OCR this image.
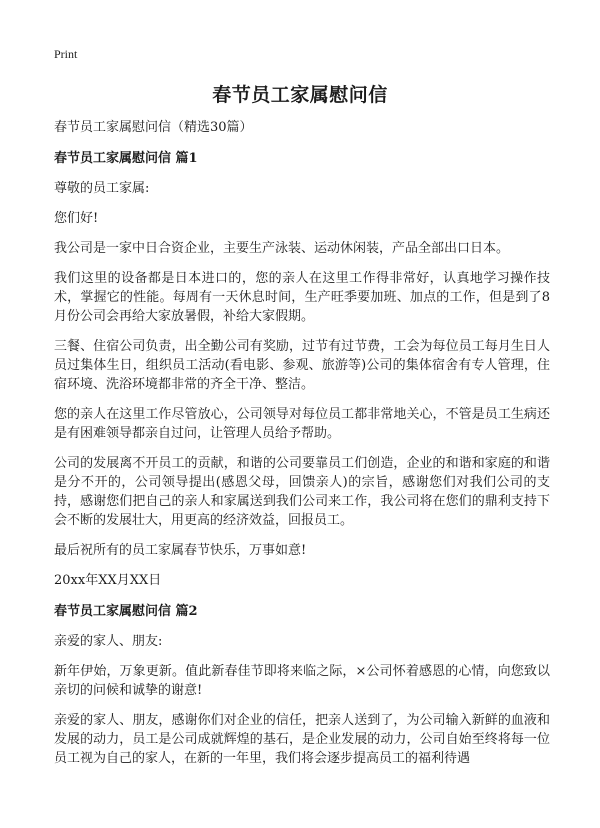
Print
春节员工家属慰问信

春节员工家属慰问信（精选30篇）

春节员工家属慰问信 篇1

尊敬的员工家属:

您们好!

我公司是一家中日合资企业，主要生产泳装、运动休闲装，产品全部出口日本。

我们这里的设备都是日本进口的，您的亲人在这里工作得非常好，认真地学习操作技术，掌握它的性能。每周有一天休息时间，生产旺季要加班、加点的工作，但是到了8月份公司会再给大家放暑假，补给大家假期。

三餐、住宿公司负责，出全勤公司有奖励，过节有过节费，工会为每位员工每月生日人员过集体生日，组织员工活动(看电影、参观、旅游等)公司的集体宿舍有专人管理，住宿环境、洗浴环境都非常的齐全干净、整洁。

您的亲人在这里工作尽管放心，公司领导对每位员工都非常地关心，不管是员工生病还是有困难领导都亲自过问，让管理人员给予帮助。

公司的发展离不开员工的贡献，和谐的公司要靠员工们创造，企业的和谐和家庭的和谐是分不开的，公司领导提出(感恩父母，回馈亲人)的宗旨，感谢您们对我们公司的支持，感谢您们把自己的亲人和家属送到我们公司来工作，我公司将在您们的鼎利支持下会不断的发展壮大，用更高的经济效益，回报员工。

最后祝所有的员工家属春节快乐，万事如意!

20xx年XX月XX日

春节员工家属慰问信 篇2

亲爱的家人、朋友:

新年伊始，万象更新。值此新春佳节即将来临之际，×公司怀着感恩的心情，向您致以亲切的问候和诚挚的谢意!

亲爱的家人、朋友，感谢你们对企业的信任，把亲人送到了，为公司输入新鲜的血液和发展的动力，员工是公司成就辉煌的基石，是企业发展的动力，公司自始至终将每一位员工视为自己的家人，在新的一年里，我们将会逐步提高员工的福利待遇
